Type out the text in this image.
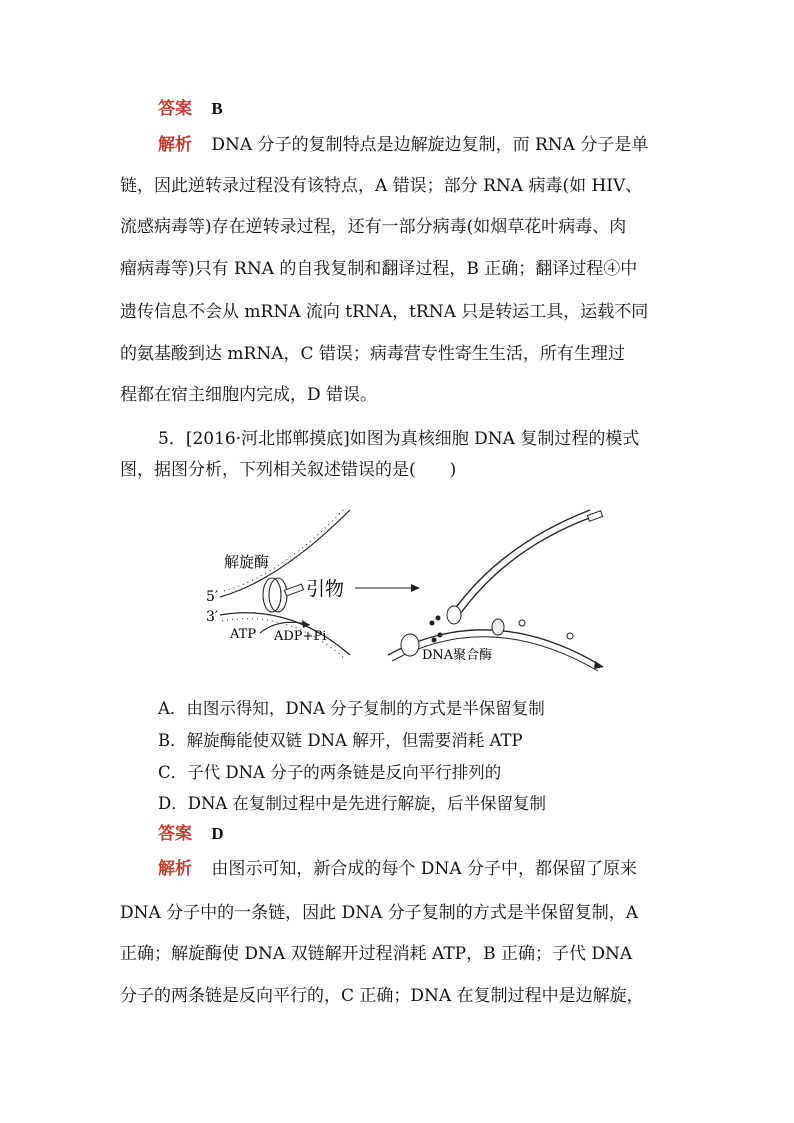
答案 B
解析 DNA 分子的复制特点是边解旋边复制，而 RNA 分子是单
链，因此逆转录过程没有该特点，A 错误；部分 RNA 病毒(如 HIV、
流感病毒等)存在逆转录过程，还有一部分病毒(如烟草花叶病毒、肉
瘤病毒等)只有 RNA 的自我复制和翻译过程，B 正确；翻译过程④中
遗传信息不会从 mRNA 流向 tRNA，tRNA 只是转运工具，运载不同
的氨基酸到达 mRNA，C 错误；病毒营专性寄生生活，所有生理过
程都在宿主细胞内完成，D 错误。
5．[2016·河北邯郸摸底]如图为真核细胞 DNA 复制过程的模式
图，据图分析，下列相关叙述错误的是(　　)
解旋酶
5′
3′
引物
ATP ADP+Pi
DNA聚合酶
A．由图示得知，DNA 分子复制的方式是半保留复制
B．解旋酶能使双链 DNA 解开，但需要消耗 ATP
C．子代 DNA 分子的两条链是反向平行排列的
D．DNA 在复制过程中是先进行解旋，后半保留复制
答案 D
解析 由图示可知，新合成的每个 DNA 分子中，都保留了原来
DNA 分子中的一条链，因此 DNA 分子复制的方式是半保留复制，A
正确；解旋酶使 DNA 双链解开过程消耗 ATP，B 正确；子代 DNA
分子的两条链是反向平行的，C 正确；DNA 在复制过程中是边解旋，
